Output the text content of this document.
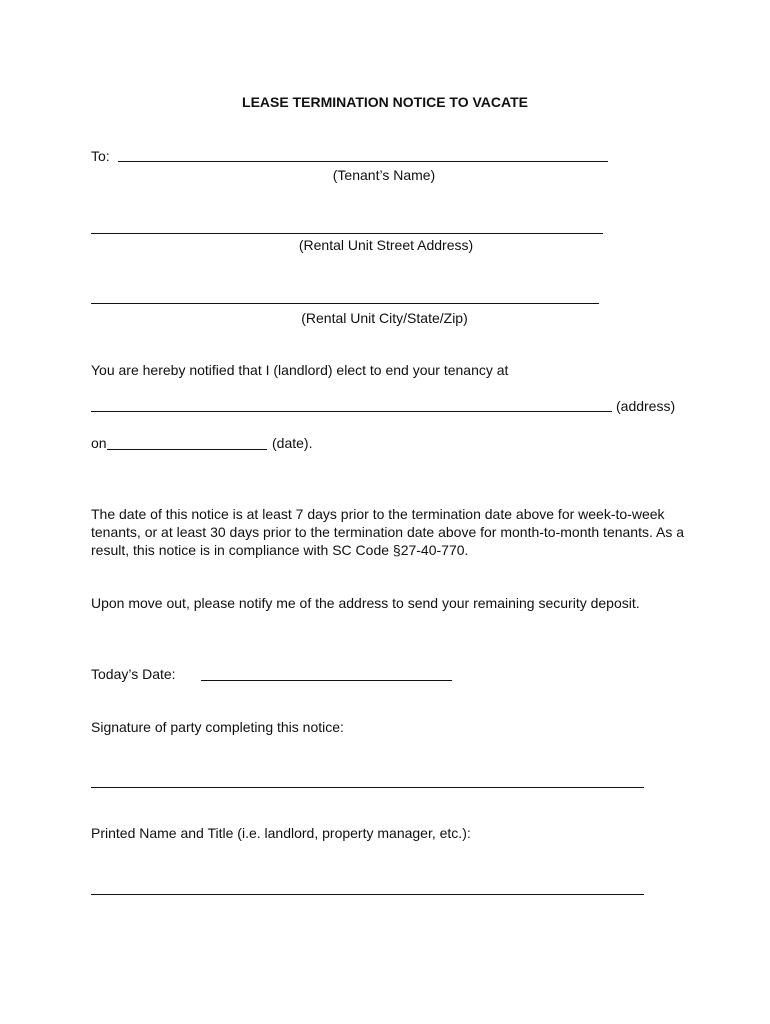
LEASE TERMINATION NOTICE TO VACATE
To:
(Tenant’s Name)
(Rental Unit Street Address)
(Rental Unit City/State/Zip)
You are hereby notified that I (landlord) elect to end your tenancy at
(address)
on	(date).
The date of this notice is at least 7 days prior to the termination date above for week-to-week tenants, or at least 30 days prior to the termination date above for month-to-month tenants. As a result, this notice is in compliance with SC Code §27-40-770.
Upon move out, please notify me of the address to send your remaining security deposit.
Today’s Date:
Signature of party completing this notice:
Printed Name and Title (i.e. landlord, property manager, etc.):
